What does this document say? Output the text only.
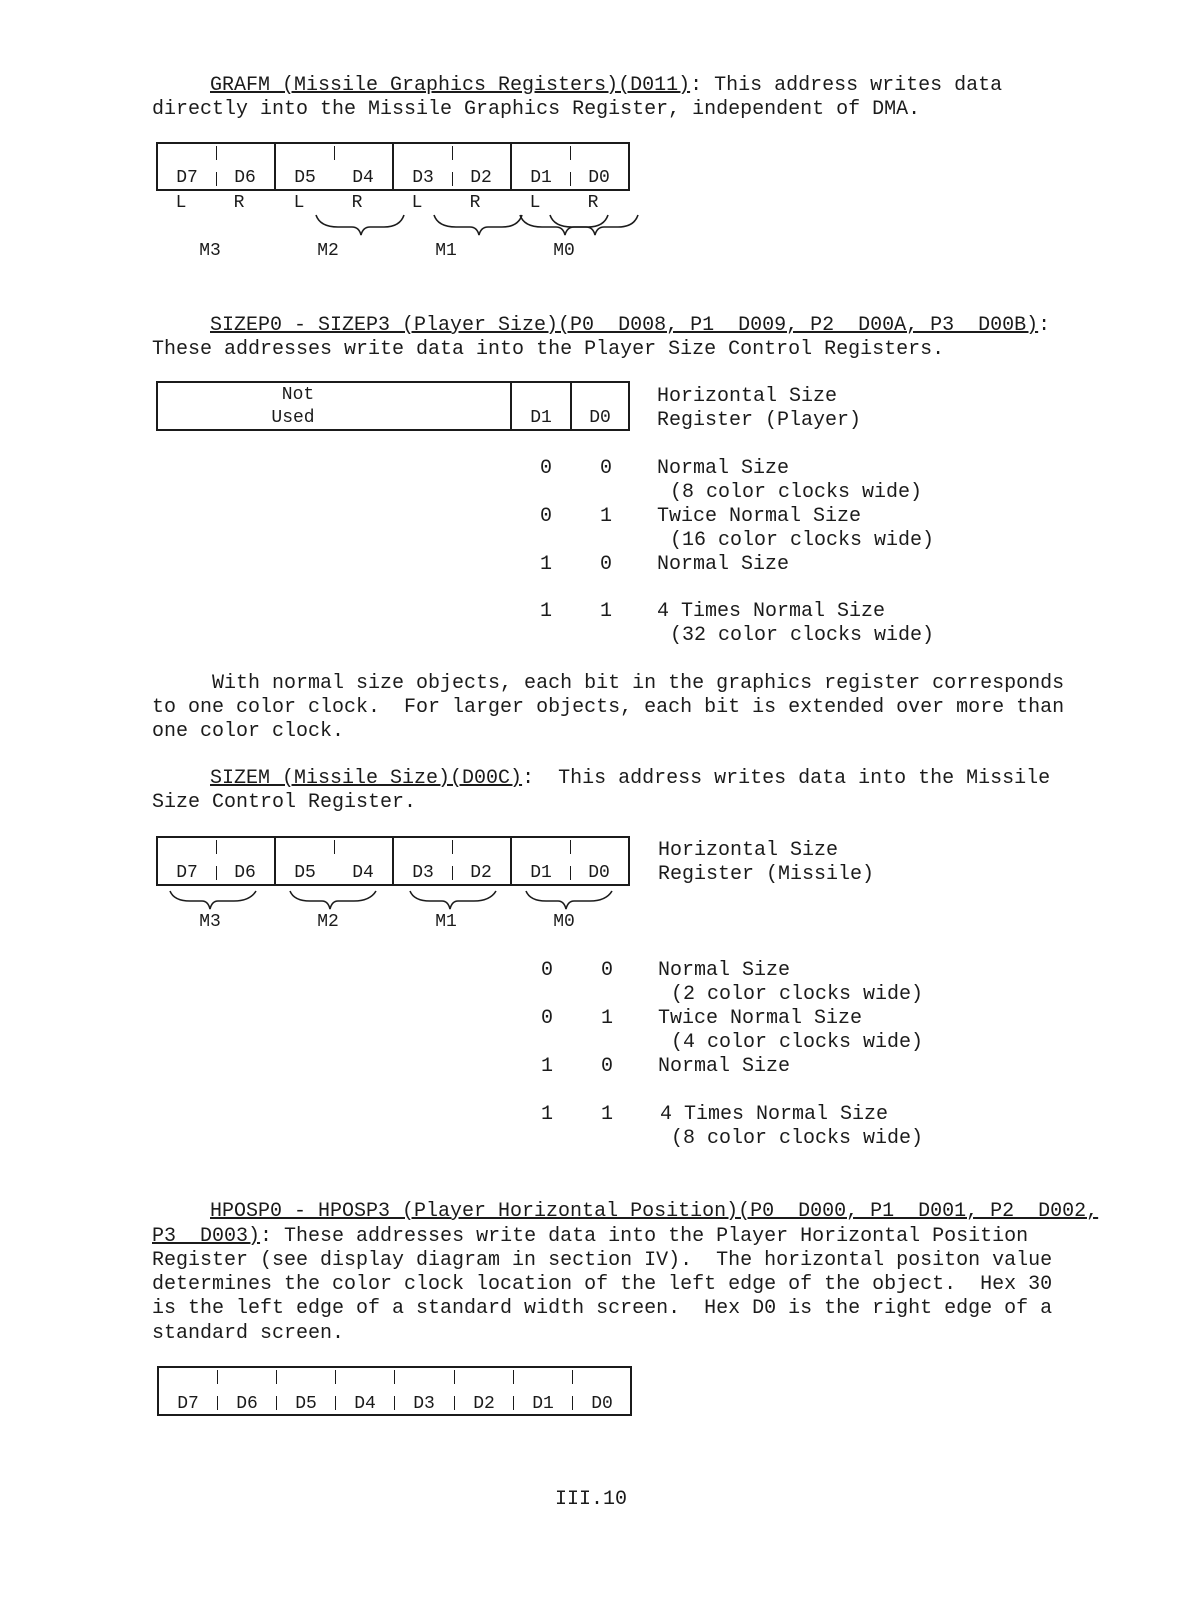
GRAFM (Missile Graphics Registers)(D011): This address writes data
directly into the Missile Graphics Register, independent of DMA.
D7	D6	D5	D4	D3	D2	D1	D0
L	R	L	R	L	R	L	R
M3	M2	M1	M0
SIZEP0 - SIZEP3 (Player Size)(P0  D008, P1  D009, P2  D00A, P3  D00B):
These addresses write data into the Player Size Control Registers.
Not
Used	D1	D0
Horizontal Size
Register (Player)
0 0 Normal Size
(8 color clocks wide)
0 1 Twice Normal Size
(16 color clocks wide)
1 0 Normal Size
1 1 4 Times Normal Size
(32 color clocks wide)
With normal size objects, each bit in the graphics register corresponds
to one color clock.  For larger objects, each bit is extended over more than
one color clock.
SIZEM (Missile Size)(D00C):  This address writes data into the Missile
Size Control Register.
D7	D6	D5	D4	D3	D2	D1	D0
Horizontal Size
Register (Missile)
M3	M2	M1	M0
0 0 Normal Size
(2 color clocks wide)
0 1 Twice Normal Size
(4 color clocks wide)
1 0 Normal Size
1 1 4 Times Normal Size
(8 color clocks wide)
HPOSP0 - HPOSP3 (Player Horizontal Position)(P0  D000, P1  D001, P2  D002,
P3  D003): These addresses write data into the Player Horizontal Position
Register (see display diagram in section IV).  The horizontal positon value
determines the color clock location of the left edge of the object.  Hex 30
is the left edge of a standard width screen.  Hex D0 is the right edge of a
standard screen.
D7	D6	D5	D4	D3	D2	D1	D0
III.10
